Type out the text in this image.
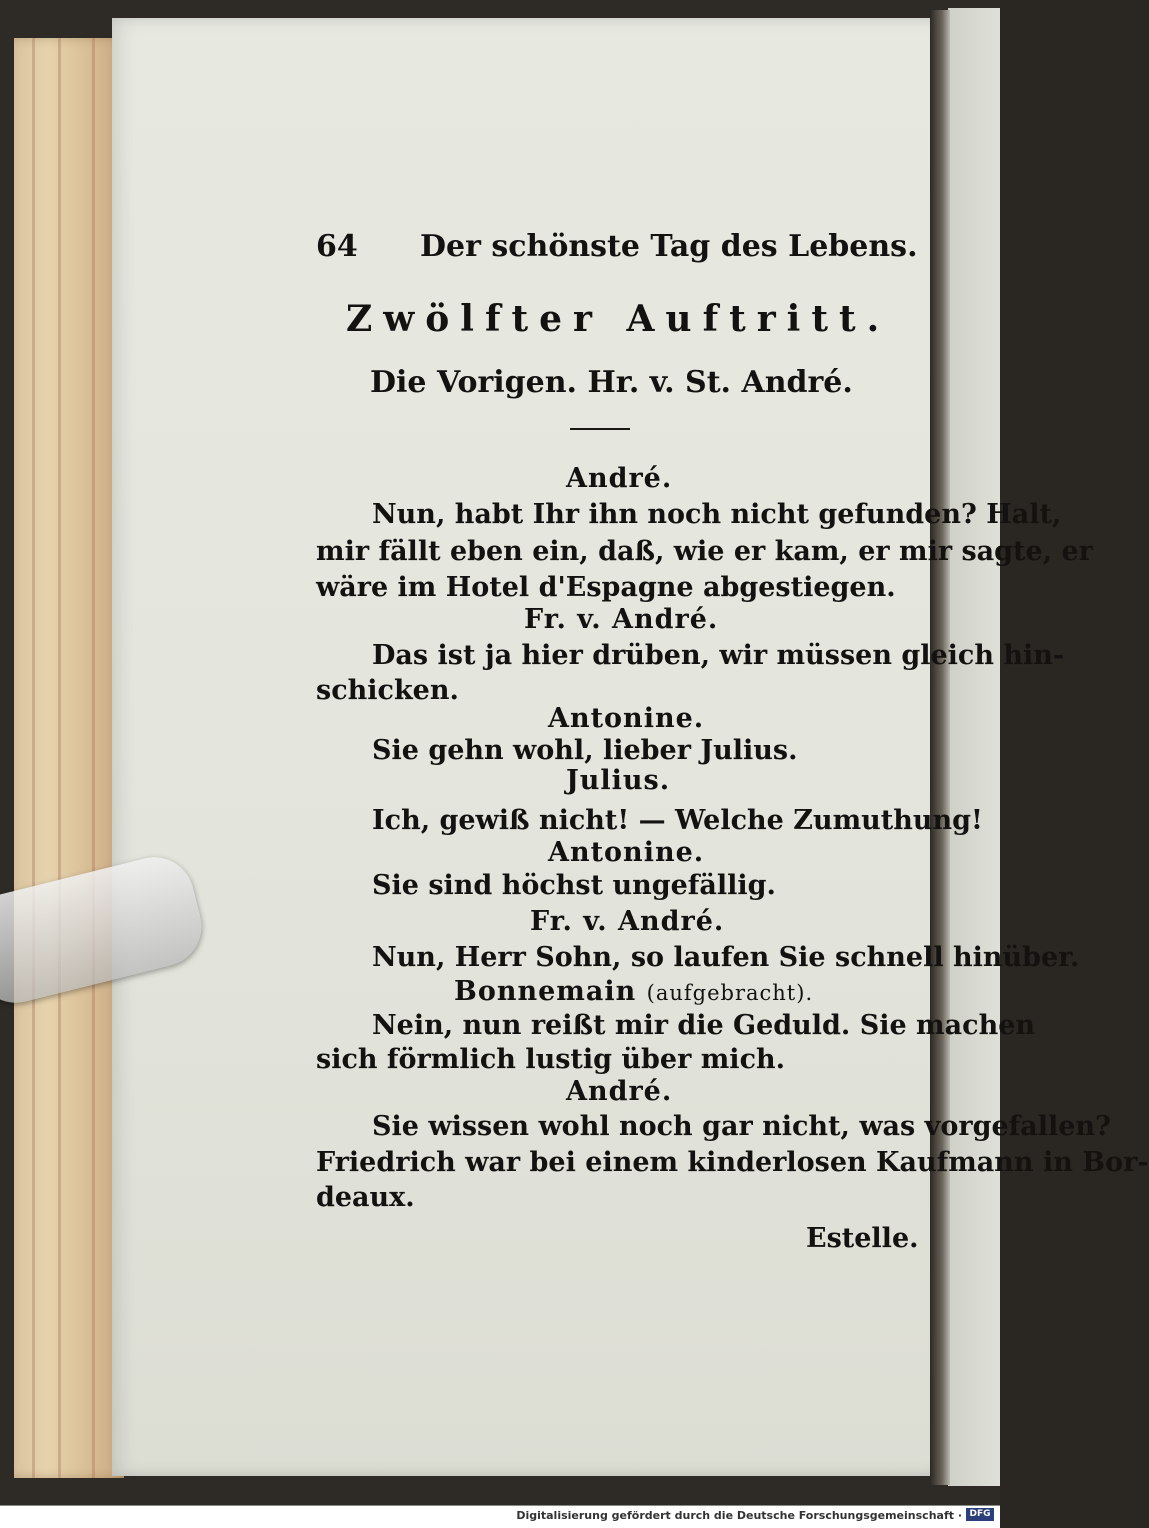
64 Der schönste Tag des Lebens.
Zwölfter Auftritt.
Die Vorigen. Hr. v. St. André.
André.
Nun, habt Ihr ihn noch nicht gefunden? Halt,
mir fällt eben ein, daß, wie er kam, er mir sagte, er
wäre im Hotel d'Espagne abgestiegen.
Fr. v. André.
Das ist ja hier drüben, wir müssen gleich hin-
schicken.
Antonine.
Sie gehn wohl, lieber Julius.
Julius.
Ich, gewiß nicht! — Welche Zumuthung!
Antonine.
Sie sind höchst ungefällig.
Fr. v. André.
Nun, Herr Sohn, so laufen Sie schnell hinüber.
Bonnemain (aufgebracht).
Nein, nun reißt mir die Geduld. Sie machen
sich förmlich lustig über mich.
André.
Sie wissen wohl noch gar nicht, was vorgefallen?
Friedrich war bei einem kinderlosen Kaufmann in Bor-
deaux.
Estelle.
Digitalisierung gefördert durch die Deutsche Forschungsgemeinschaft · DFG
